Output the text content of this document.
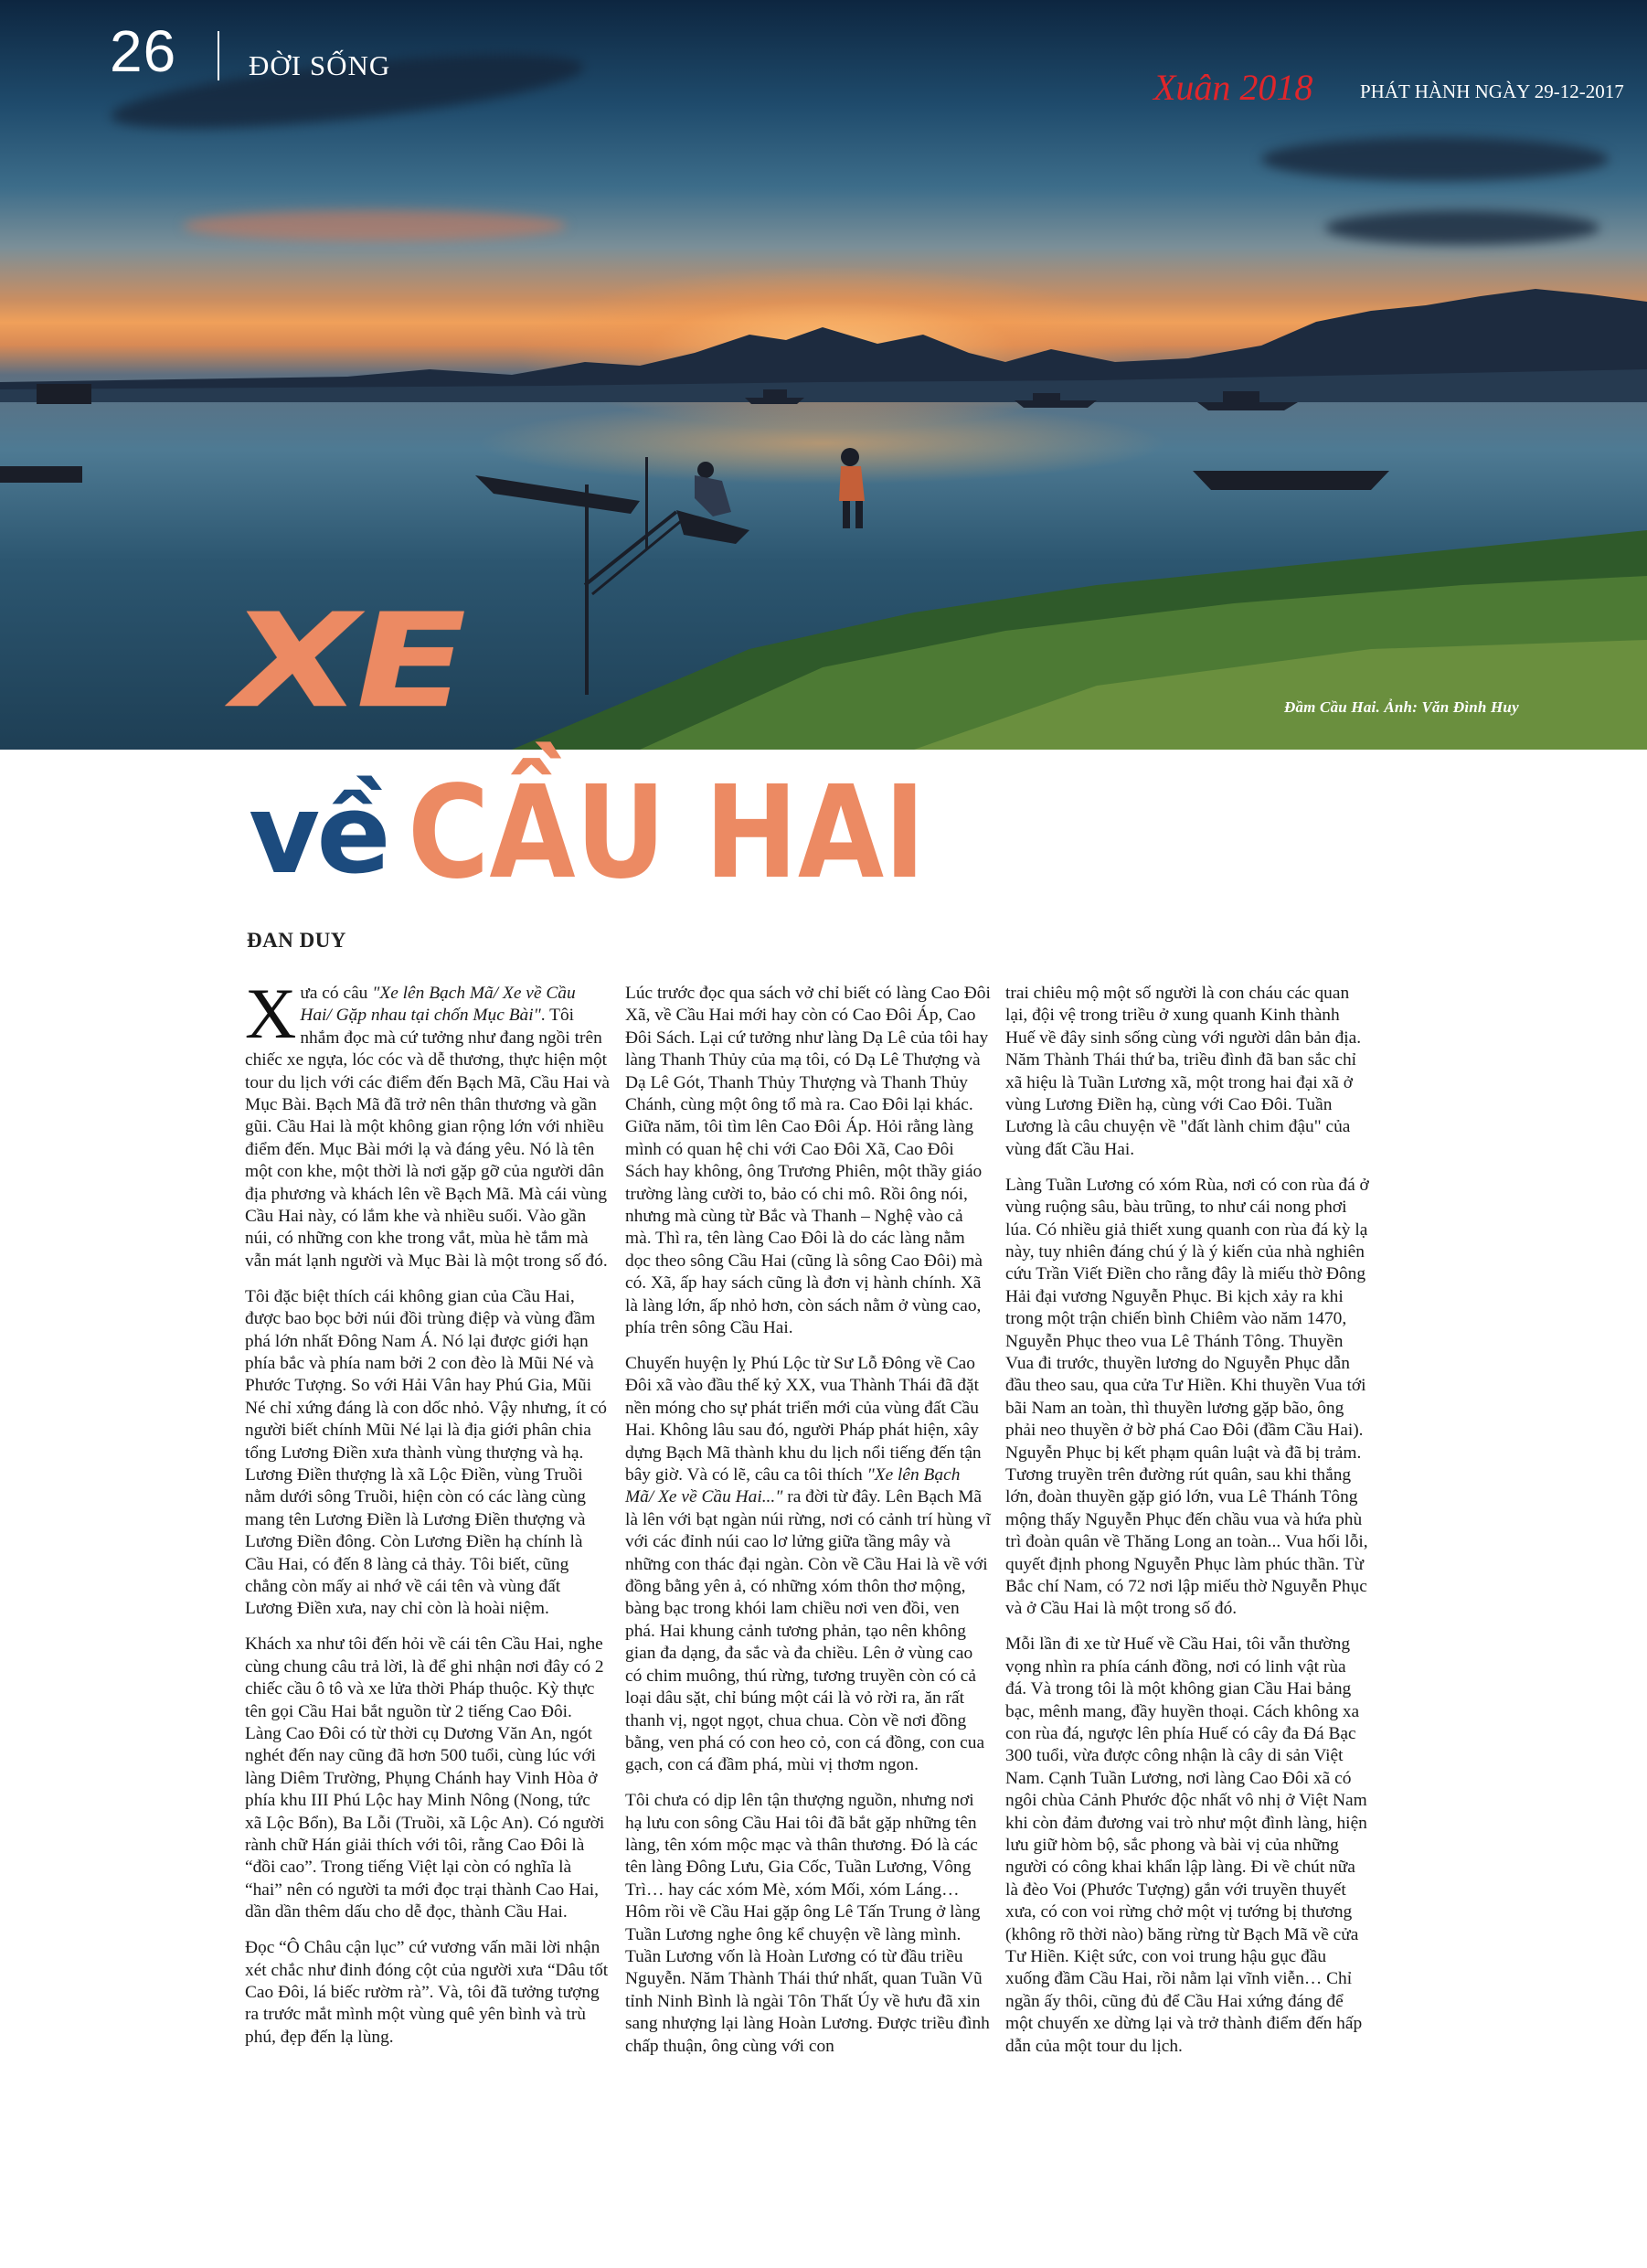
Đầm Cầu Hai. Ảnh: Văn Đình Huy
26	ĐỜI SỐNG
Xuân 2018 PHÁT HÀNH NGÀY 29-12-2017
XE
về CẦU HAI
ĐAN DUY

Xưa có câu "Xe lên Bạch Mã/ Xe về Cầu Hai/ Gặp nhau tại chốn Mục Bài". Tôi nhắm đọc mà cứ tưởng như đang ngồi trên chiếc xe ngựa, lóc cóc và dễ thương, thực hiện một tour du lịch với các điểm đến Bạch Mã, Cầu Hai và Mục Bài. Bạch Mã đã trở nên thân thương và gần gũi. Cầu Hai là một không gian rộng lớn với nhiều điểm đến. Mục Bài mới lạ và đáng yêu. Nó là tên một con khe, một thời là nơi gặp gỡ của người dân địa phương và khách lên về Bạch Mã. Mà cái vùng Cầu Hai này, có lắm khe và nhiều suối. Vào gần núi, có những con khe trong vắt, mùa hè tắm mà vẫn mát lạnh người và Mục Bài là một trong số đó.

Tôi đặc biệt thích cái không gian của Cầu Hai, được bao bọc bởi núi đồi trùng điệp và vùng đầm phá lớn nhất Đông Nam Á. Nó lại được giới hạn phía bắc và phía nam bởi 2 con đèo là Mũi Né và Phước Tượng. So với Hải Vân hay Phú Gia, Mũi Né chỉ xứng đáng là con dốc nhỏ. Vậy nhưng, ít có người biết chính Mũi Né lại là địa giới phân chia tổng Lương Điền xưa thành vùng thượng và hạ. Lương Điền thượng là xã Lộc Điền, vùng Truồi nằm dưới sông Truồi, hiện còn có các làng cùng mang tên Lương Điền là Lương Điền thượng và Lương Điền đông. Còn Lương Điền hạ chính là Cầu Hai, có đến 8 làng cả thảy. Tôi biết, cũng chẳng còn mấy ai nhớ về cái tên và vùng đất Lương Điền xưa, nay chỉ còn là hoài niệm.

Khách xa như tôi đến hỏi về cái tên Cầu Hai, nghe cùng chung câu trả lời, là để ghi nhận nơi đây có 2 chiếc cầu ô tô và xe lửa thời Pháp thuộc. Kỳ thực tên gọi Cầu Hai bắt nguồn từ 2 tiếng Cao Đôi. Làng Cao Đôi có từ thời cụ Dương Văn An, ngót nghét đến nay cũng đã hơn 500 tuổi, cùng lúc với làng Diêm Trường, Phụng Chánh hay Vinh Hòa ở phía khu III Phú Lộc hay Minh Nông (Nong, tức xã Lộc Bổn), Ba Lỗi (Truồi, xã Lộc An). Có người rành chữ Hán giải thích với tôi, rằng Cao Đôi là “đồi cao”. Trong tiếng Việt lại còn có nghĩa là “hai” nên có người ta mới đọc trại thành Cao Hai, dần dần thêm dấu cho dễ đọc, thành Cầu Hai.

Đọc “Ô Châu cận lục” cứ vương vấn mãi lời nhận xét chắc như đinh đóng cột của người xưa “Dâu tốt Cao Đôi, lá biếc rườm rà”. Và, tôi đã tưởng tượng ra trước mắt mình một vùng quê yên bình và trù phú, đẹp đến lạ lùng.

Lúc trước đọc qua sách vở chỉ biết có làng Cao Đôi Xã, về Cầu Hai mới hay còn có Cao Đôi Áp, Cao Đôi Sách. Lại cứ tưởng như làng Dạ Lê của tôi hay làng Thanh Thủy của mạ tôi, có Dạ Lê Thượng và Dạ Lê Gót, Thanh Thủy Thượng và Thanh Thủy Chánh, cùng một ông tổ mà ra. Cao Đôi lại khác. Giữa năm, tôi tìm lên Cao Đôi Áp. Hỏi rằng làng mình có quan hệ chi với Cao Đôi Xã, Cao Đôi Sách hay không, ông Trương Phiên, một thầy giáo trường làng cười to, bảo có chi mô. Rồi ông nói, nhưng mà cùng từ Bắc và Thanh – Nghệ vào cả mà. Thì ra, tên làng Cao Đôi là do các làng nằm dọc theo sông Cầu Hai (cũng là sông Cao Đôi) mà có. Xã, ấp hay sách cũng là đơn vị hành chính. Xã là làng lớn, ấp nhỏ hơn, còn sách nằm ở vùng cao, phía trên sông Cầu Hai.

Chuyến huyện lỵ Phú Lộc từ Sư Lỗ Đông về Cao Đôi xã vào đầu thế kỷ XX, vua Thành Thái đã đặt nền móng cho sự phát triển mới của vùng đất Cầu Hai. Không lâu sau đó, người Pháp phát hiện, xây dựng Bạch Mã thành khu du lịch nổi tiếng đến tận bây giờ. Và có lẽ, câu ca tôi thích "Xe lên Bạch Mã/ Xe về Cầu Hai..." ra đời từ đây. Lên Bạch Mã là lên với bạt ngàn núi rừng, nơi có cảnh trí hùng vĩ với các đỉnh núi cao lơ lửng giữa tầng mây và những con thác đại ngàn. Còn về Cầu Hai là về với đồng bằng yên ả, có những xóm thôn thơ mộng, bàng bạc trong khói lam chiều nơi ven đồi, ven phá. Hai khung cảnh tương phản, tạo nên không gian đa dạng, đa sắc và đa chiều. Lên ở vùng cao có chim muông, thú rừng, tương truyền còn có cả loại dâu sặt, chỉ búng một cái là vỏ rời ra, ăn rất thanh vị, ngọt ngọt, chua chua. Còn về nơi đồng bằng, ven phá có con heo cỏ, con cá đồng, con cua gạch, con cá đầm phá, mùi vị thơm ngon.

Tôi chưa có dịp lên tận thượng nguồn, nhưng nơi hạ lưu con sông Cầu Hai tôi đã bắt gặp những tên làng, tên xóm mộc mạc và thân thương. Đó là các tên làng Đông Lưu, Gia Cốc, Tuần Lương, Vông Trì… hay các xóm Mè, xóm Mối, xóm Láng… Hôm rồi về Cầu Hai gặp ông Lê Tấn Trung ở làng Tuần Lương nghe ông kể chuyện về làng mình. Tuần Lương vốn là Hoàn Lương có từ đầu triều Nguyễn. Năm Thành Thái thứ nhất, quan Tuần Vũ tỉnh Ninh Bình là ngài Tôn Thất Úy về hưu đã xin sang nhượng lại làng Hoàn Lương. Được triều đình chấp thuận, ông cùng với con

trai chiêu mộ một số người là con cháu các quan lại, đội vệ trong triều ở xung quanh Kinh thành Huế về đây sinh sống cùng với người dân bản địa. Năm Thành Thái thứ ba, triều đình đã ban sắc chỉ xã hiệu là Tuần Lương xã, một trong hai đại xã ở vùng Lương Điền hạ, cùng với Cao Đôi. Tuần Lương là câu chuyện về "đất lành chim đậu" của vùng đất Cầu Hai.

Làng Tuần Lương có xóm Rùa, nơi có con rùa đá ở vùng ruộng sâu, bàu trũng, to như cái nong phơi lúa. Có nhiều giả thiết xung quanh con rùa đá kỳ lạ này, tuy nhiên đáng chú ý là ý kiến của nhà nghiên cứu Trần Viết Điền cho rằng đây là miếu thờ Đông Hải đại vương Nguyễn Phục. Bi kịch xảy ra khi trong một trận chiến bình Chiêm vào năm 1470, Nguyễn Phục theo vua Lê Thánh Tông. Thuyền Vua đi trước, thuyền lương do Nguyễn Phục dẫn đầu theo sau, qua cửa Tư Hiền. Khi thuyền Vua tới bãi Nam an toàn, thì thuyền lương gặp bão, ông phải neo thuyền ở bờ phá Cao Đôi (đầm Cầu Hai). Nguyễn Phục bị kết phạm quân luật và đã bị trảm. Tương truyền trên đường rút quân, sau khi thắng lớn, đoàn thuyền gặp gió lớn, vua Lê Thánh Tông mộng thấy Nguyễn Phục đến chầu vua và hứa phù trì đoàn quân về Thăng Long an toàn... Vua hối lỗi, quyết định phong Nguyễn Phục làm phúc thần. Từ Bắc chí Nam, có 72 nơi lập miếu thờ Nguyễn Phục và ở Cầu Hai là một trong số đó.

Mỗi lần đi xe từ Huế về Cầu Hai, tôi vẫn thường vọng nhìn ra phía cánh đồng, nơi có linh vật rùa đá. Và trong tôi là một không gian Cầu Hai bảng bạc, mênh mang, đầy huyền thoại. Cách không xa con rùa đá, ngược lên phía Huế có cây đa Đá Bạc 300 tuổi, vừa được công nhận là cây di sản Việt Nam. Cạnh Tuần Lương, nơi làng Cao Đôi xã có ngôi chùa Cảnh Phước độc nhất vô nhị ở Việt Nam khi còn đảm đương vai trò như một đình làng, hiện lưu giữ hòm bộ, sắc phong và bài vị của những người có công khai khẩn lập làng. Đi về chút nữa là đèo Voi (Phước Tượng) gắn với truyền thuyết xưa, có con voi rừng chở một vị tướng bị thương (không rõ thời nào) băng rừng từ Bạch Mã về cửa Tư Hiền. Kiệt sức, con voi trung hậu gục đầu xuống đầm Cầu Hai, rồi nằm lại vĩnh viễn… Chỉ ngần ấy thôi, cũng đủ để Cầu Hai xứng đáng để một chuyến xe dừng lại và trở thành điểm đến hấp dẫn của một tour du lịch.
